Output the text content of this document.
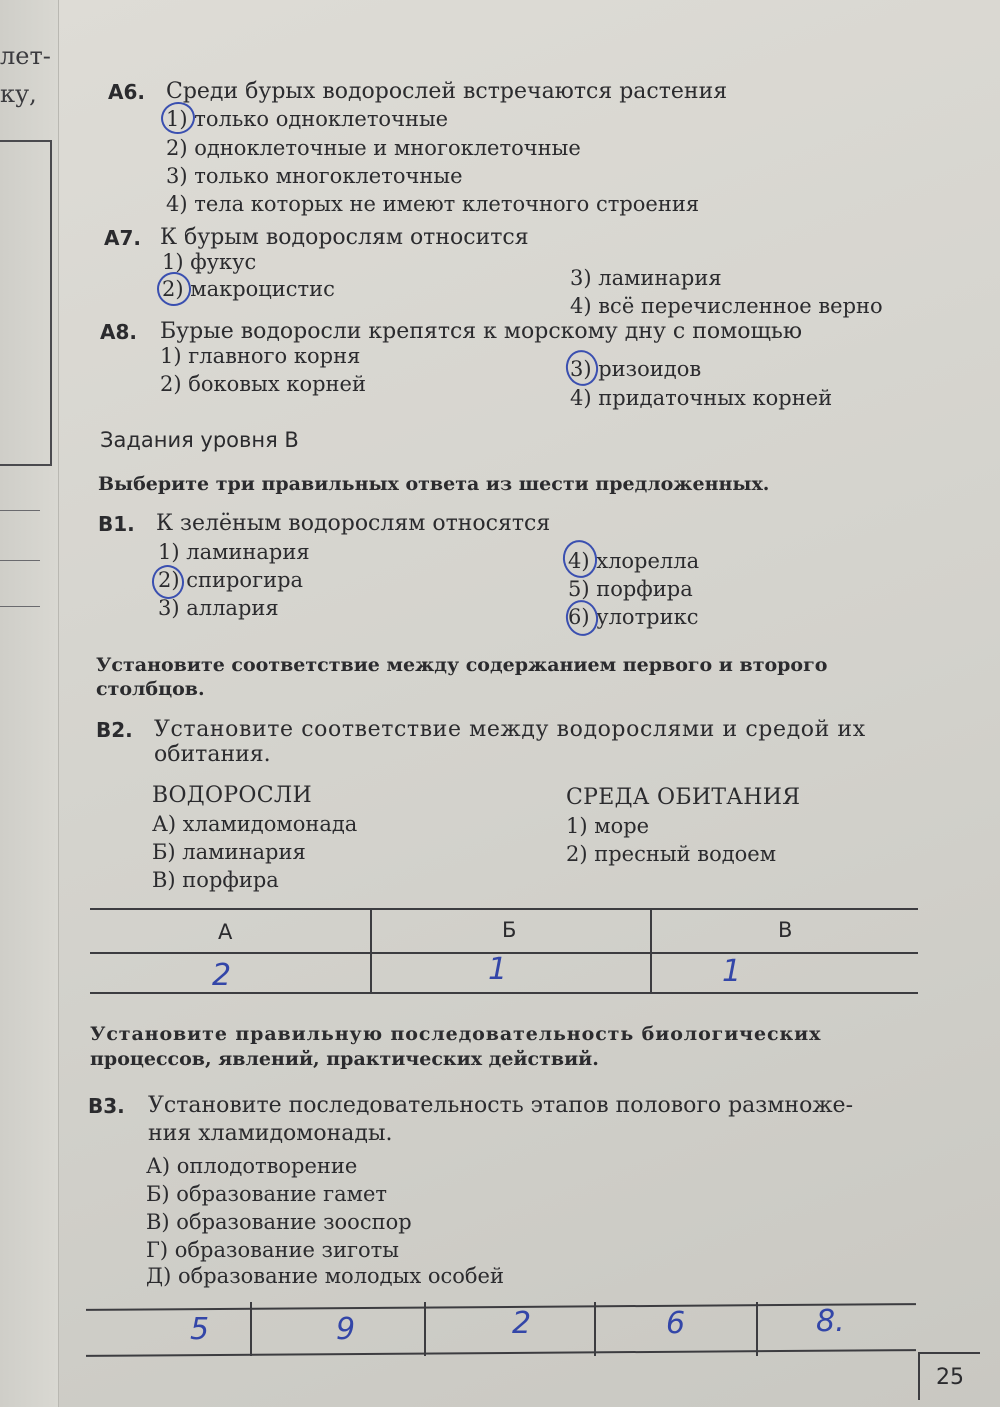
лет-
ку,	А6. Среди бурых водорослей встречаются растения
1) только одноклеточные
2) одноклеточные и многоклеточные
3) только многоклеточные
4) тела которых не имеют клеточного строения
А7. К бурым водорослям относится
1) фукус
2) макроцистис	3) ламинария
4) всё перечисленное верно
А8. Бурые водоросли крепятся к морскому дну с помощью
1) главного корня
2) боковых корней
3) ризоидов
4) придаточных корней
Задания уровня В
Выберите три правильных ответа из шести предложенных.
В1. К зелёным водорослям относятся
1) ламинария
2) спирогира
3) аллария
4) хлорелла
5) порфира
6) улотрикс
Установите соответствие между содержанием первого и второго
столбцов.
В2. Установите соответствие между водорослями и средой их
обитания.
ВОДОРОСЛИ
А) хламидомонада
Б) ламинария
В) порфира
СРЕДА ОБИТАНИЯ
1) море
2) пресный водоем
А	Б	В
2	1	1
Установите правильную последовательность биологических
процессов, явлений, практических действий.
В3. Установите последовательность этапов полового размноже-
ния хламидомонады.
А) оплодотворение
Б) образование гамет
В) образование зооспор
Г) образование зиготы
Д) образование молодых особей
5	9	2	6	8.
25
